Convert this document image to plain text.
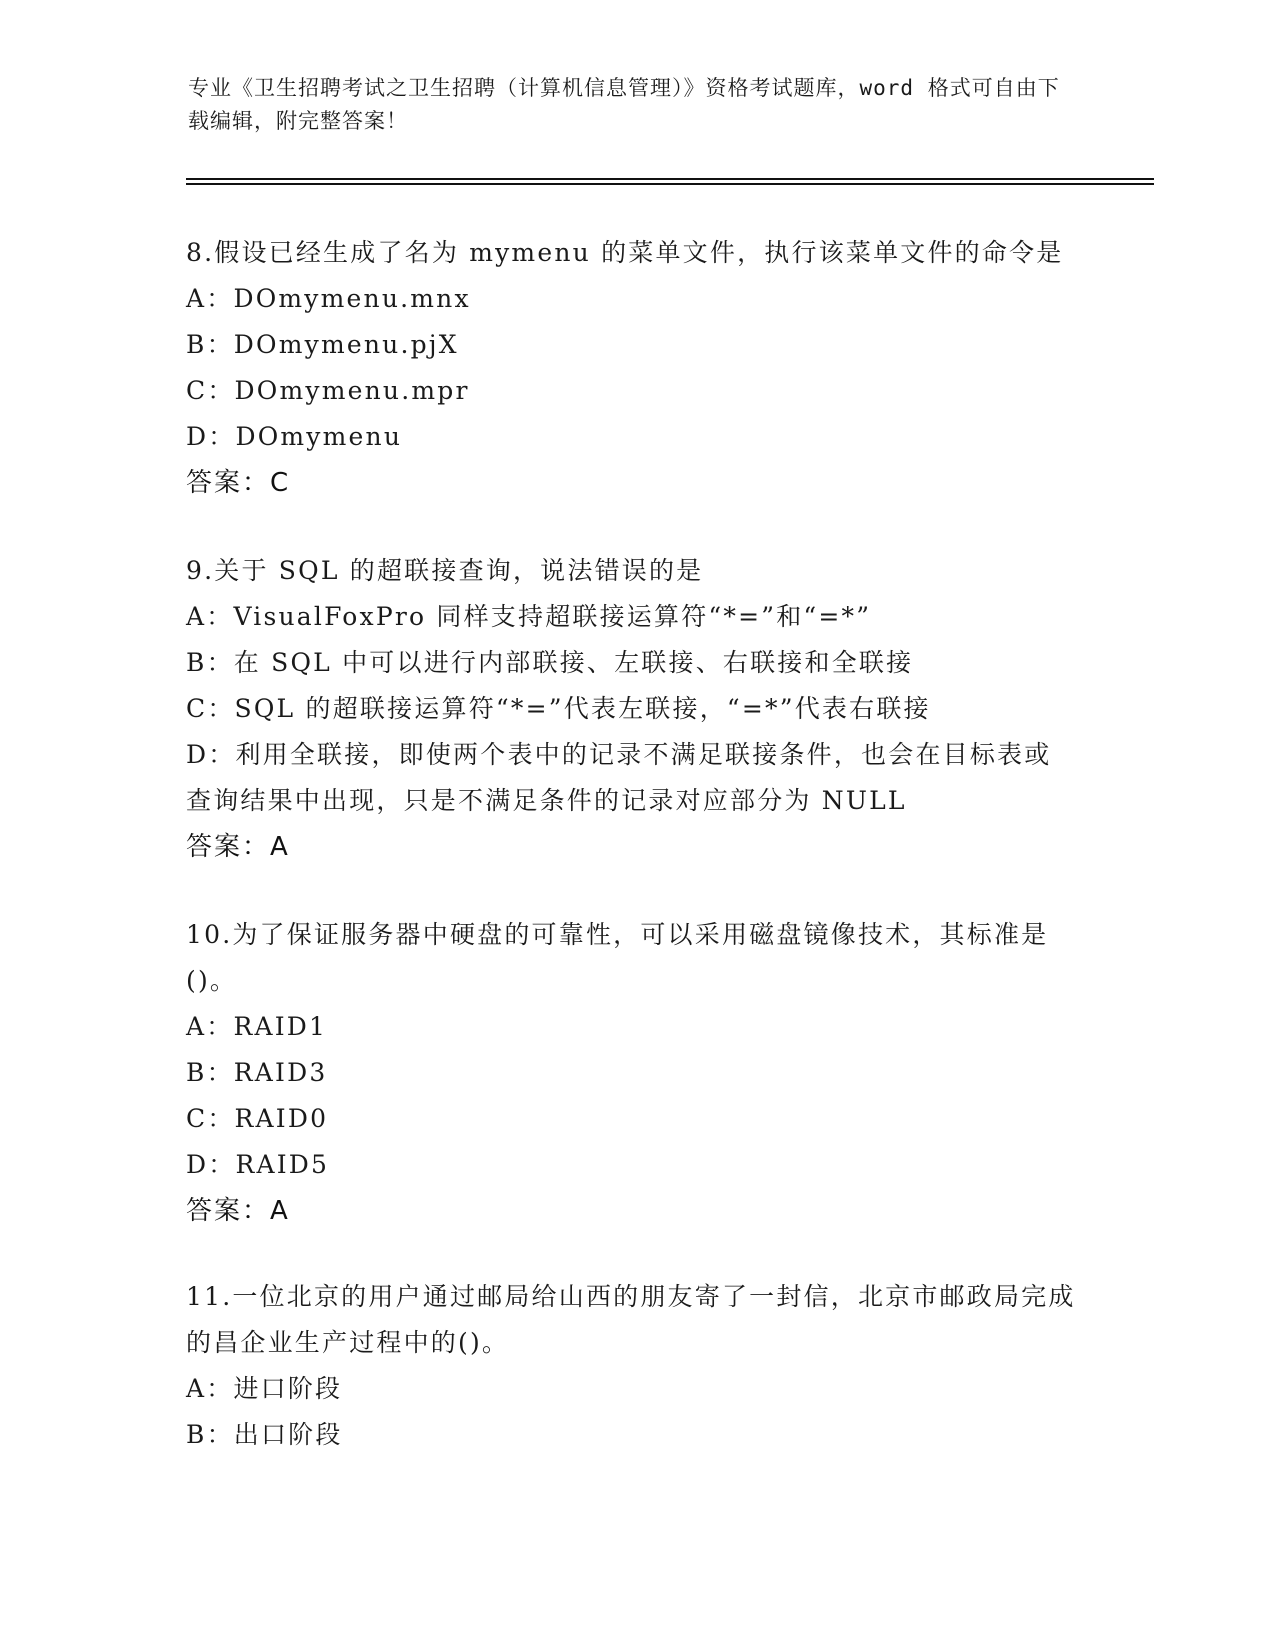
专业《卫生招聘考试之卫生招聘（计算机信息管理）》资格考试题库，word 格式可自由下载编辑，附完整答案！

8.假设已经生成了名为 mymenu 的菜单文件，执行该菜单文件的命令是

A：DOmymenu.mnx

B：DOmymenu.pjX

C：DOmymenu.mpr

D：DOmymenu

答案：C

9.关于 SQL 的超联接查询，说法错误的是

A：VisualFoxPro 同样支持超联接运算符“*=”和“=*”

B：在 SQL 中可以进行内部联接、左联接、右联接和全联接

C：SQL 的超联接运算符“*=”代表左联接，“=*”代表右联接

D：利用全联接，即使两个表中的记录不满足联接条件，也会在目标表或查询结果中出现，只是不满足条件的记录对应部分为 NULL

答案：A

10.为了保证服务器中硬盘的可靠性，可以采用磁盘镜像技术，其标准是()。

A：RAID1

B：RAID3

C：RAID0

D：RAID5

答案：A

11.一位北京的用户通过邮局给山西的朋友寄了一封信，北京市邮政局完成的昌企业生产过程中的()。

A：进口阶段

B：出口阶段
